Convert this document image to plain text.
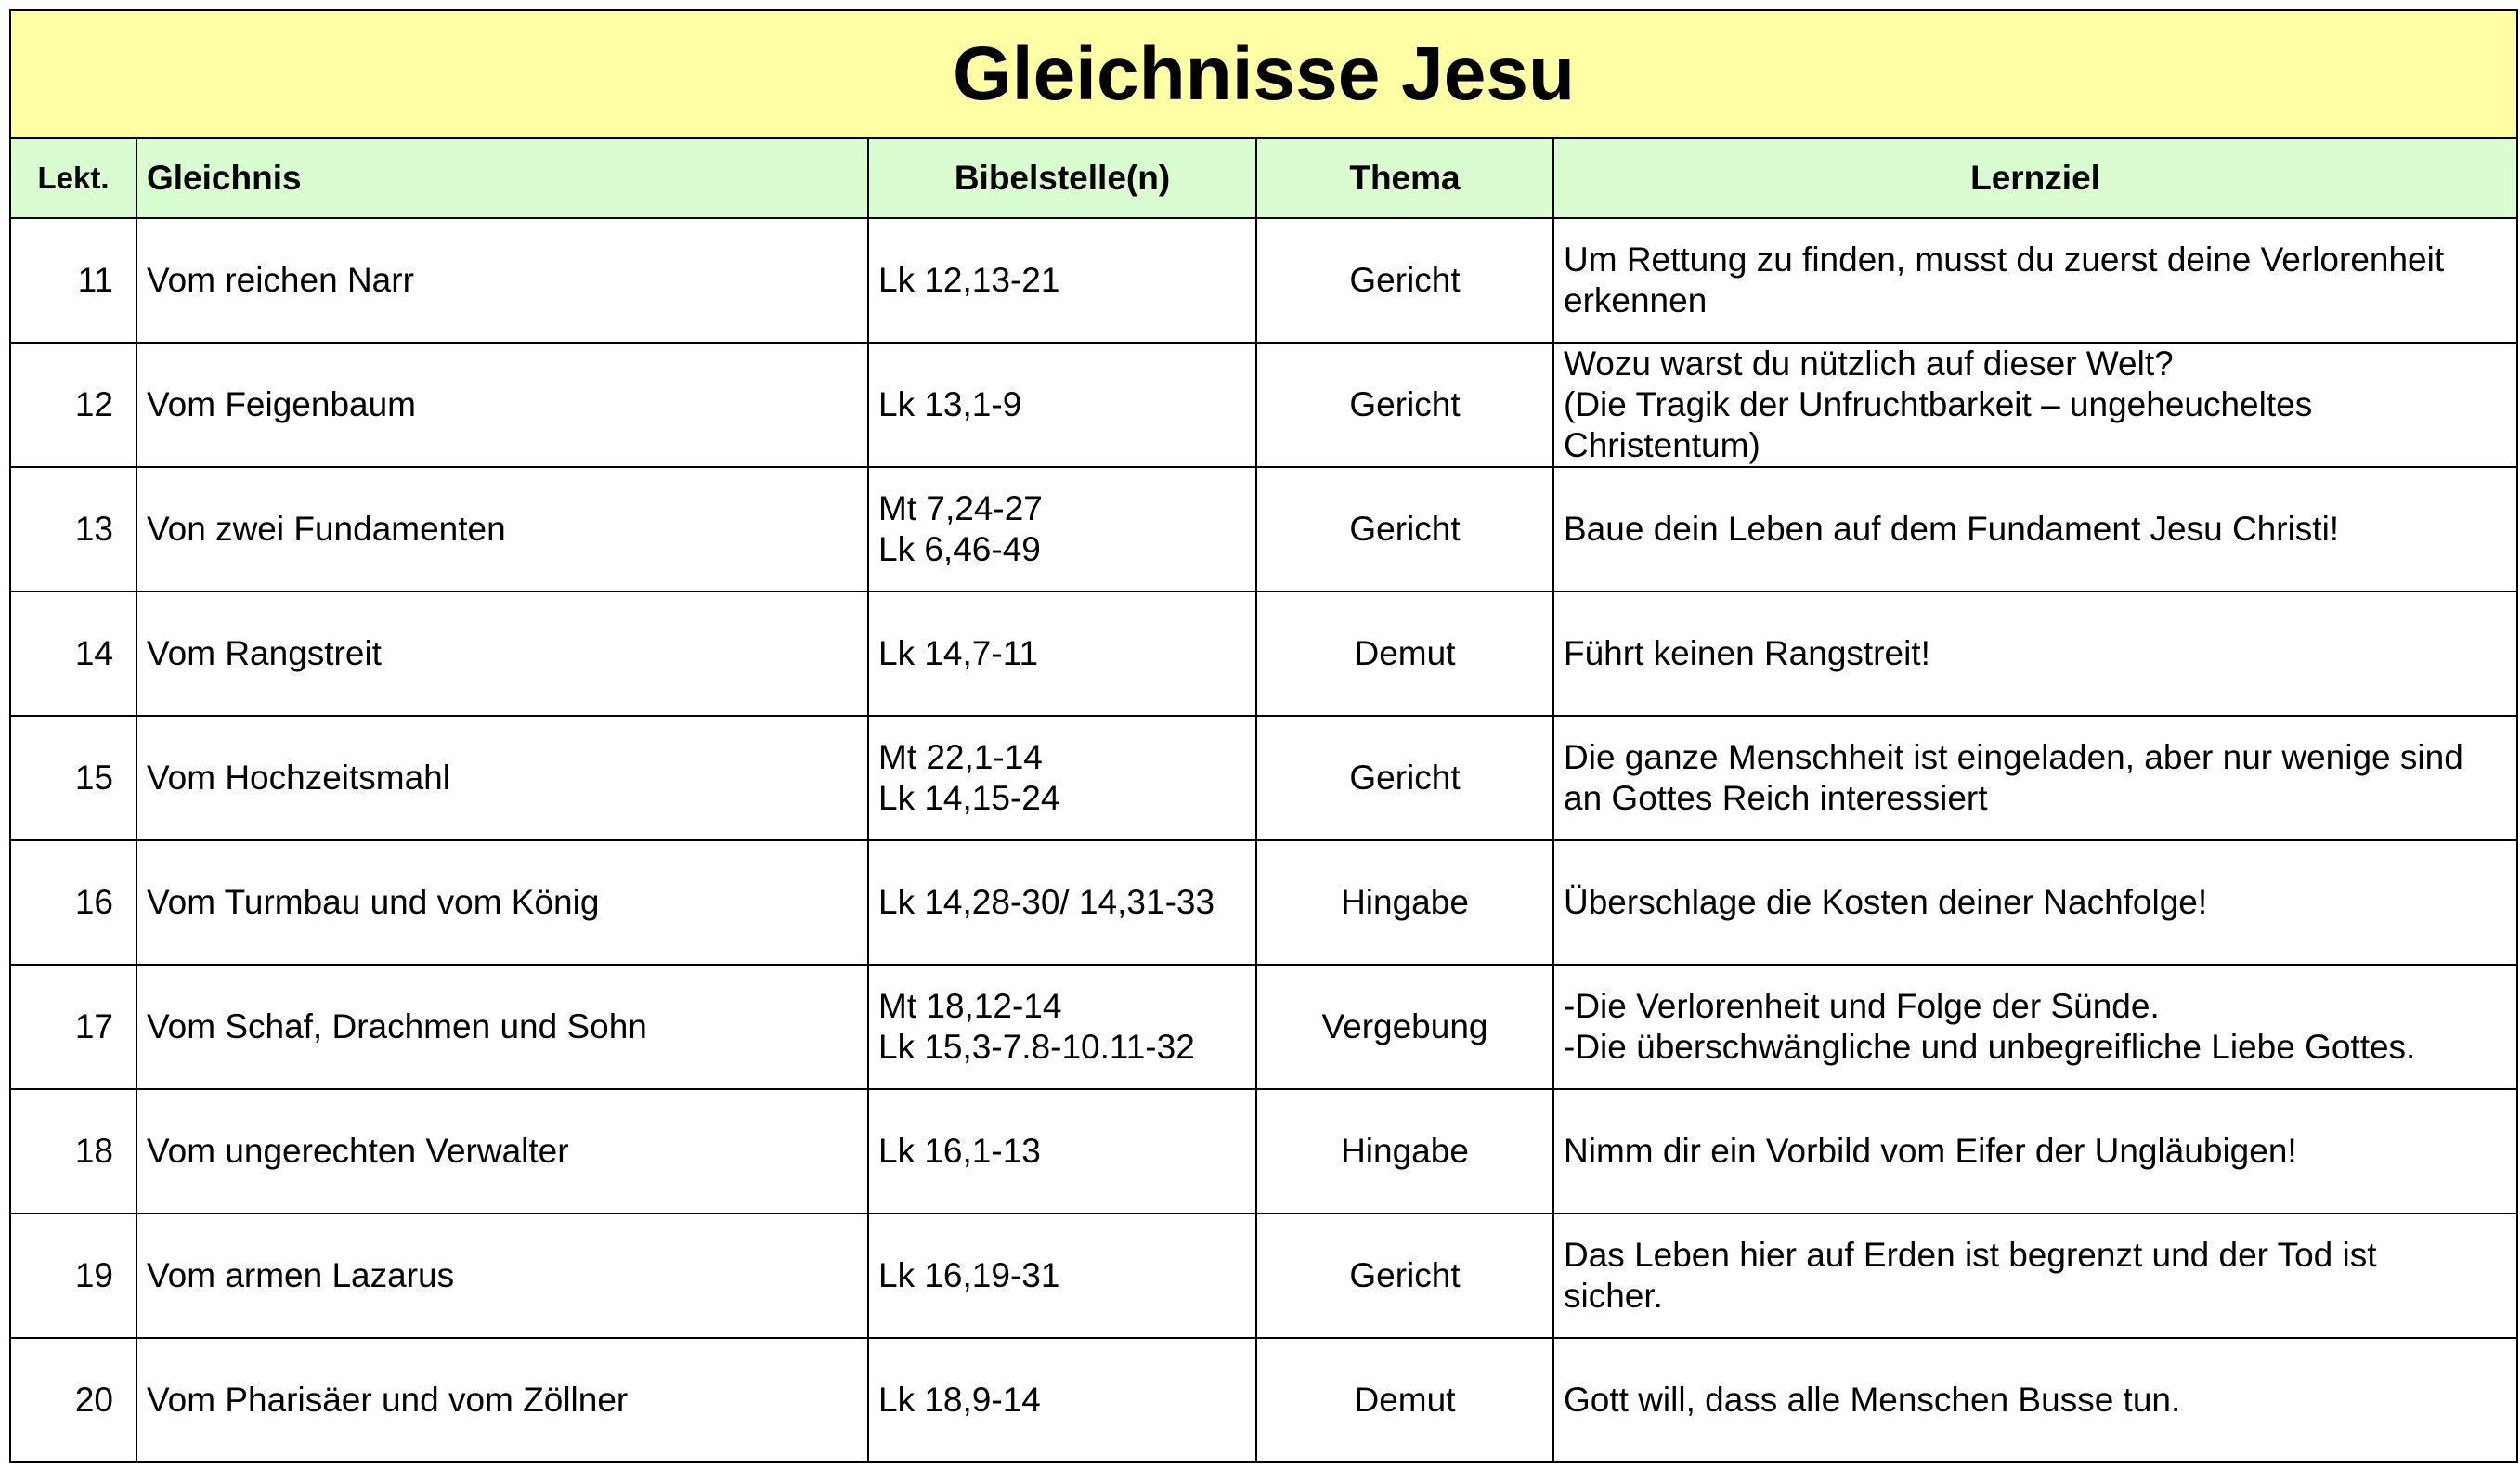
Gleichnisse Jesu				
Lekt.	Gleichnis	Bibelstelle(n)	Thema	Lernziel
11	Vom reichen Narr	Lk 12,13-21	Gericht	Um Rettung zu finden, musst du zuerst deine Verlorenheit
erkennen
12	Vom Feigenbaum	Lk 13,1-9	Gericht	Wozu warst du nützlich auf dieser Welt?
(Die Tragik der Unfruchtbarkeit – ungeheucheltes
Christentum)
13	Von zwei Fundamenten	Mt 7,24-27
Lk 6,46-49	Gericht	Baue dein Leben auf dem Fundament Jesu Christi!
14	Vom Rangstreit	Lk 14,7-11	Demut	Führt keinen Rangstreit!
15	Vom Hochzeitsmahl	Mt 22,1-14
Lk 14,15-24	Gericht	Die ganze Menschheit ist eingeladen, aber nur wenige sind
an Gottes Reich interessiert
16	Vom Turmbau und vom König	Lk 14,28-30/ 14,31-33	Hingabe	Überschlage die Kosten deiner Nachfolge!
17	Vom Schaf, Drachmen und Sohn	Mt 18,12-14
Lk 15,3-7.8-10.11-32	Vergebung	-Die Verlorenheit und Folge der Sünde.
-Die überschwängliche und unbegreifliche Liebe Gottes.
18	Vom ungerechten Verwalter	Lk 16,1-13	Hingabe	Nimm dir ein Vorbild vom Eifer der Ungläubigen!
19	Vom armen Lazarus	Lk 16,19-31	Gericht	Das Leben hier auf Erden ist begrenzt und der Tod ist
sicher.
20	Vom Pharisäer und vom Zöllner	Lk 18,9-14	Demut	Gott will, dass alle Menschen Busse tun.
